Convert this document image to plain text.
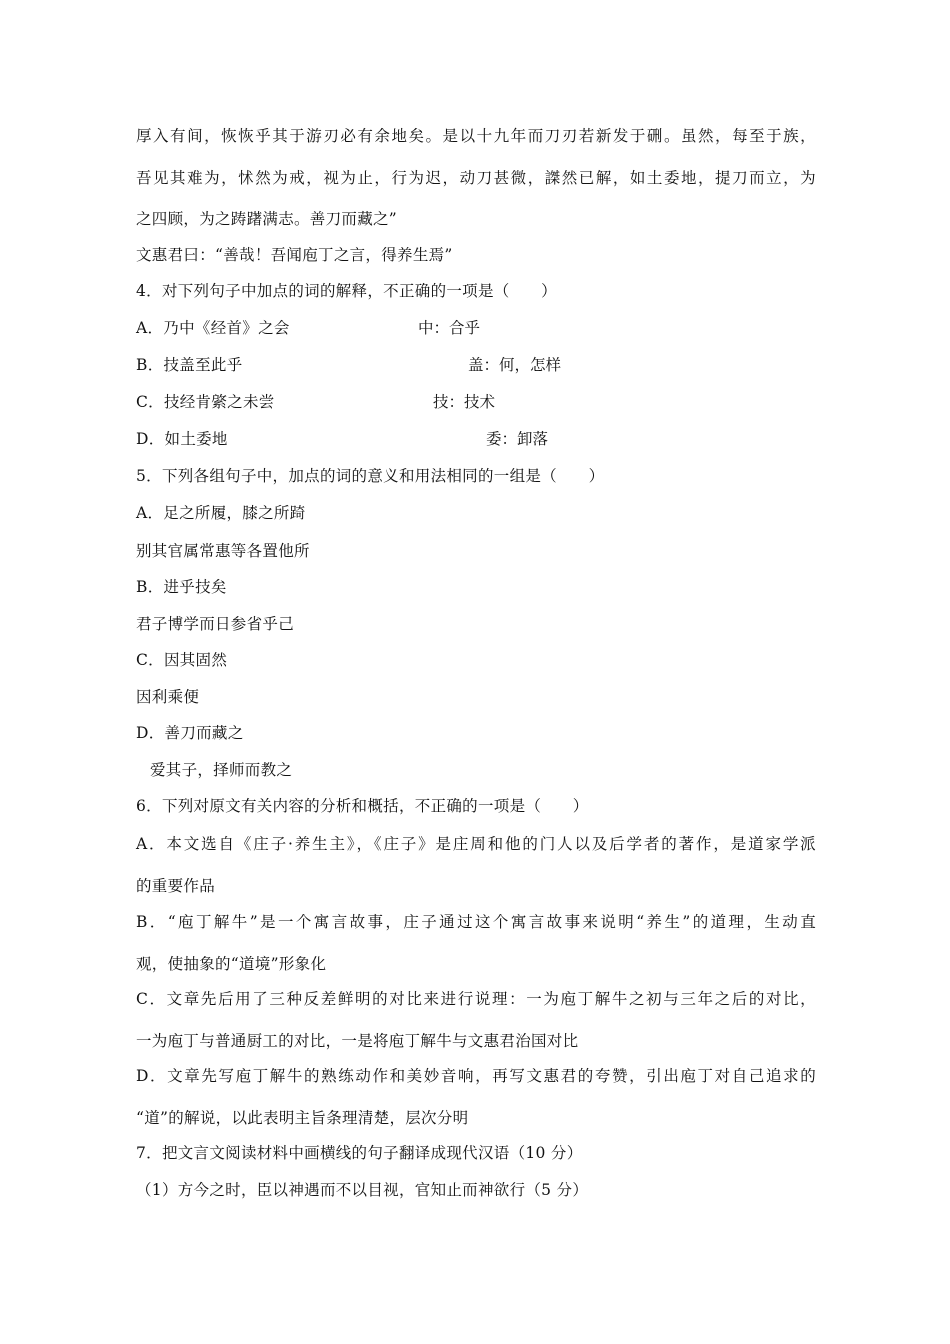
厚入有间，恢恢乎其于游刃必有余地矣。是以十九年而刀刃若新发于硎。虽然，每至于族，
吾见其难为，怵然为戒，视为止，行为迟，动刀甚微，謋然已解，如土委地，提刀而立，为
之四顾，为之踌躇满志。善刀而藏之”
文惠君曰：“善哉！吾闻庖丁之言，得养生焉”
4．对下列句子中加点的词的解释，不正确的一项是（　　）
A．乃中《经首》之会	中：合乎
B．技盖至此乎	盖：何，怎样
C．技经肯綮之未尝	技：技术
D．如土委地	委：卸落
5．下列各组句子中，加点的词的意义和用法相同的一组是（　　）
A．足之所履，膝之所踦
别其官属常惠等各置他所
B．进乎技矣
君子博学而日参省乎己
C．因其固然
因利乘便
D．善刀而藏之
爱其子，择师而教之
6．下列对原文有关内容的分析和概括，不正确的一项是（　　）
A．本文选自《庄子·养生主》，《庄子》是庄周和他的门人以及后学者的著作，是道家学派
的重要作品
B．“庖丁解牛”是一个寓言故事，庄子通过这个寓言故事来说明“养生”的道理，生动直
观，使抽象的“道境”形象化
C．文章先后用了三种反差鲜明的对比来进行说理：一为庖丁解牛之初与三年之后的对比，
一为庖丁与普通厨工的对比，一是将庖丁解牛与文惠君治国对比
D．文章先写庖丁解牛的熟练动作和美妙音响，再写文惠君的夸赞，引出庖丁对自己追求的
“道”的解说，以此表明主旨条理清楚，层次分明
7．把文言文阅读材料中画横线的句子翻译成现代汉语（10 分）
（1）方今之时，臣以神遇而不以目视，官知止而神欲行（5 分）
